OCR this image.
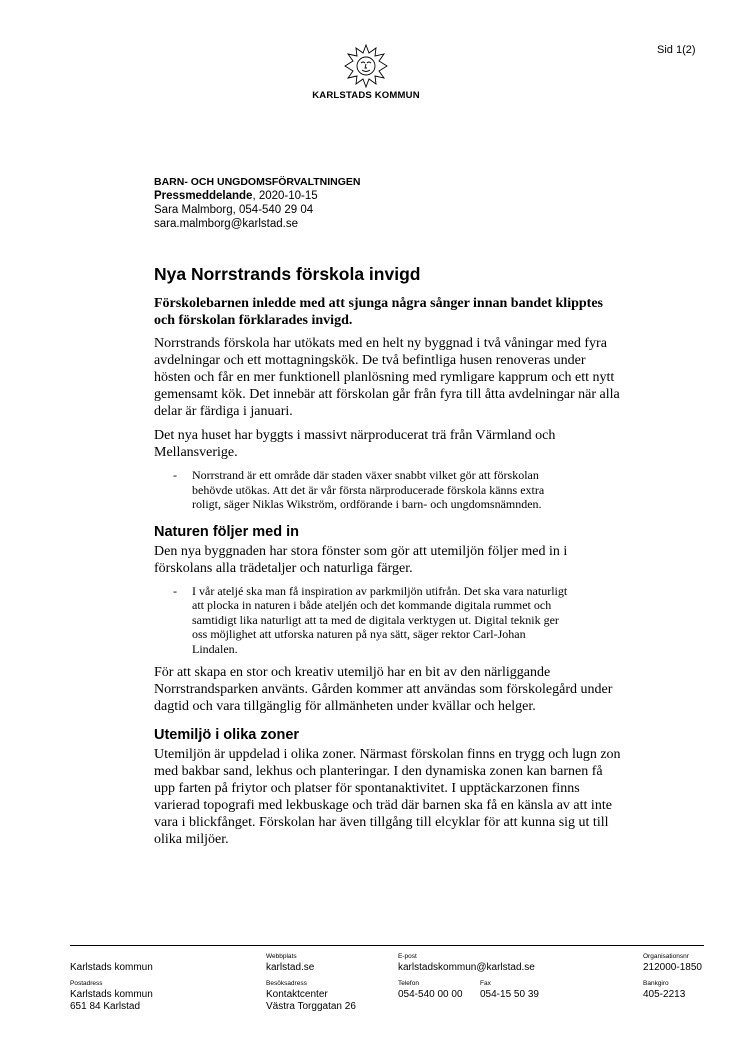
Sid 1(2)
KARLSTADS KOMMUN
BARN- OCH UNGDOMSFÖRVALTNINGEN
Pressmeddelande, 2020-10-15
Sara Malmborg, 054-540 29 04
sara.malmborg@karlstad.se
Nya Norrstrands förskola invigd

Förskolebarnen inledde med att sjunga några sånger innan bandet klipptes och förskolan förklarades invigd.

Norrstrands förskola har utökats med en helt ny byggnad i två våningar med fyra avdelningar och ett mottagningskök. De två befintliga husen renoveras under hösten och får en mer funktionell planlösning med rymligare kapprum och ett nytt gemensamt kök. Det innebär att förskolan går från fyra till åtta avdelningar när alla delar är färdiga i januari.

Det nya huset har byggts i massivt närproducerat trä från Värmland och Mellansverige.

- Norrstrand är ett område där staden växer snabbt vilket gör att förskolan behövde utökas. Att det är vår första närproducerade förskola känns extra roligt, säger Niklas Wikström, ordförande i barn- och ungdomsnämnden.
Naturen följer med in

Den nya byggnaden har stora fönster som gör att utemiljön följer med in i förskolans alla trädetaljer och naturliga färger.

- I vår ateljé ska man få inspiration av parkmiljön utifrån. Det ska vara naturligt att plocka in naturen i både ateljén och det kommande digitala rummet och samtidigt lika naturligt att ta med de digitala verktygen ut. Digital teknik ger oss möjlighet att utforska naturen på nya sätt, säger rektor Carl-Johan Lindalen.

För att skapa en stor och kreativ utemiljö har en bit av den närliggande Norrstrandsparken använts. Gården kommer att användas som förskolegård under dagtid och vara tillgänglig för allmänheten under kvällar och helger.

Utemiljö i olika zoner

Utemiljön är uppdelad i olika zoner. Närmast förskolan finns en trygg och lugn zon med bakbar sand, lekhus och planteringar. I den dynamiska zonen kan barnen få upp farten på friytor och platser för spontanaktivitet. I upptäckarzonen finns varierad topografi med lekbuskage och träd där barnen ska få en känsla av att inte vara i blickfånget. Förskolan har även tillgång till elcyklar för att kunna sig ut till olika miljöer.

Karlstads kommun
Webbplats
karlstad.se
E-post
karlstadskommun@karlstad.se
Organisationsnr
212000-1850
Postadress
Karlstads kommun
651 84 Karlstad
Besöksadress
Kontaktcenter
Västra Torggatan 26
Telefon
054-540 00 00
Fax
054-15 50 39
Bankgiro
405-2213
